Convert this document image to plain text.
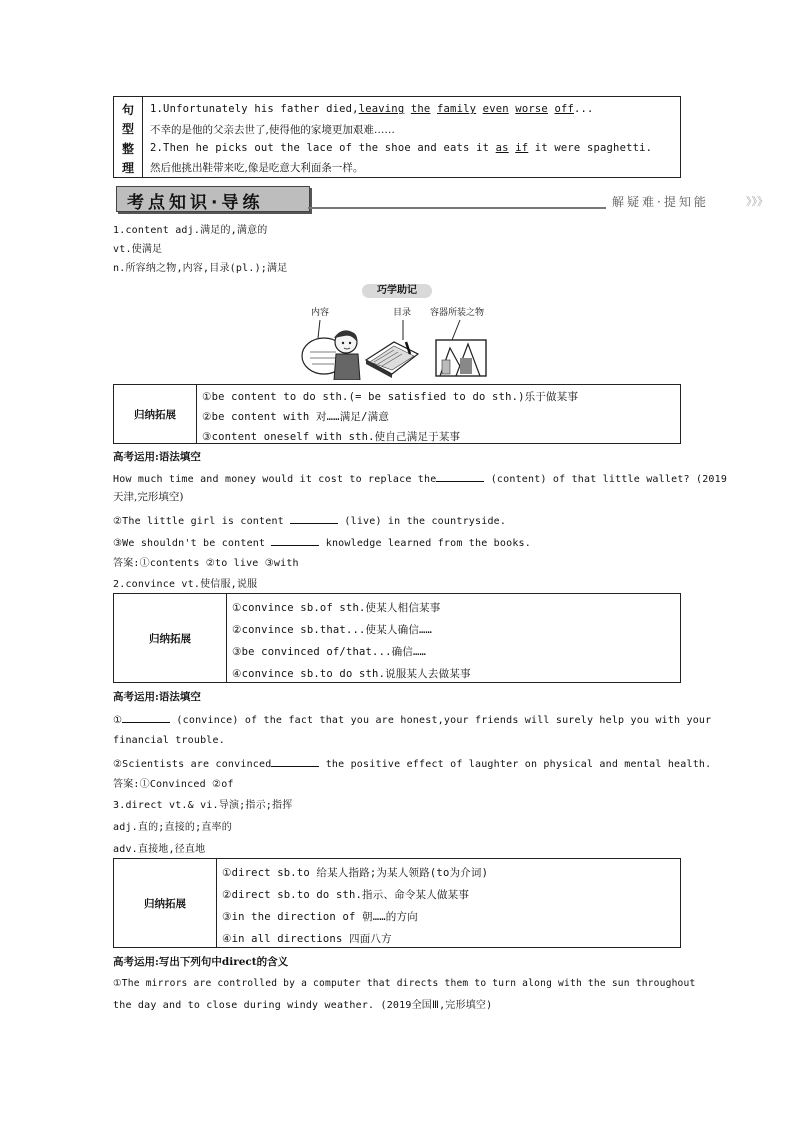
句
型
整
理
1.Unfortunately his father died,leaving the family even worse off...
不幸的是他的父亲去世了,使得他的家境更加艰难……
2.Then he picks out the lace of the shoe and eats it as if it were spaghetti.
然后他挑出鞋带来吃,像是吃意大利面条一样。
考点知识·导练	解疑难·提知能	》》》
1.content adj.满足的,满意的
vt.使满足
n.所容纳之物,内容,目录(pl.);满足
巧学助记
内容	目录 容器所装之物
归纳拓展
①be content to do sth.(= be satisfied to do sth.)乐于做某事
②be content with 对……满足/满意
③content oneself with sth.使自己满足于某事
高考运用:语法填空
How much time and money would it cost to replace the	(content) of that little wallet? (2019
天津,完形填空)
②The little girl is content	(live) in the countryside.
③We shouldn't be content	knowledge learned from the books.
答案:①contents ②to live ③with
2.convince vt.使信服,说服
归纳拓展
①convince sb.of sth.使某人相信某事
②convince sb.that...使某人确信……
③be convinced of/that...确信……
④convince sb.to do sth.说服某人去做某事
高考运用:语法填空
①	(convince) of the fact that you are honest,your friends will surely help you with your
financial trouble.
②Scientists are convinced	the positive effect of laughter on physical and mental health.
答案:①Convinced ②of
3.direct vt.& vi.导演;指示;指挥
adj.直的;直接的;直率的
adv.直接地,径直地
归纳拓展
①direct sb.to 给某人指路;为某人领路(to为介词)
②direct sb.to do sth.指示、命令某人做某事
③in the direction of 朝……的方向
④in all directions 四面八方
高考运用:写出下列句中direct的含义
①The mirrors are controlled by a computer that directs them to turn along with the sun throughout
the day and to close during windy weather. (2019全国Ⅲ,完形填空)
